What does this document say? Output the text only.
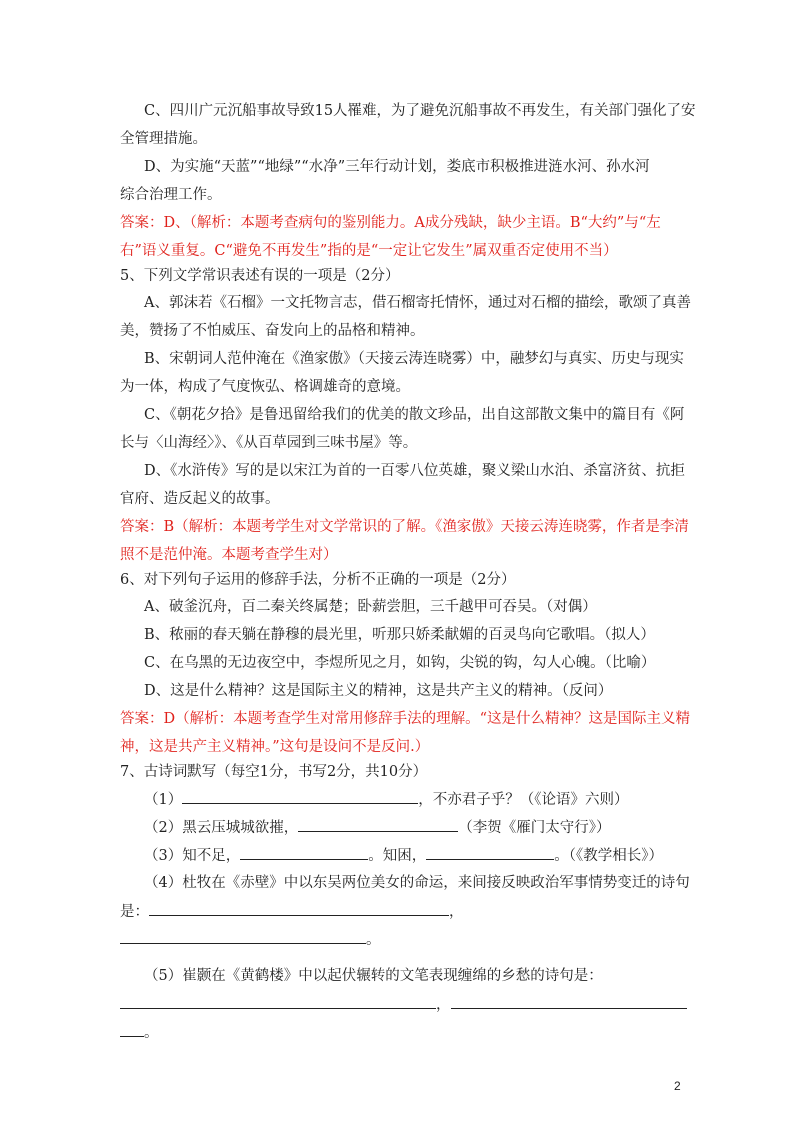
C、四川广元沉船事故导致15人罹难，为了避免沉船事故不再发生，有关部门强化了安
全管理措施。
D、为实施“天蓝”“地绿”“水净”三年行动计划，娄底市积极推进涟水河、孙水河
综合治理工作。
答案：D、（解析：本题考查病句的鉴别能力。A成分残缺，缺少主语。B“大约”与“左
右”语义重复。C“避免不再发生”指的是“一定让它发生”属双重否定使用不当）
5、下列文学常识表述有误的一项是（2分）
A、郭沫若《石榴》一文托物言志，借石榴寄托情怀，通过对石榴的描绘，歌颂了真善
美，赞扬了不怕威压、奋发向上的品格和精神。
B、宋朝词人范仲淹在《渔家傲》（天接云涛连晓雾）中，融梦幻与真实、历史与现实
为一体，构成了气度恢弘、格调雄奇的意境。
C、《朝花夕拾》是鲁迅留给我们的优美的散文珍品，出自这部散文集中的篇目有《阿
长与〈山海经〉》、《从百草园到三味书屋》等。
D、《水浒传》写的是以宋江为首的一百零八位英雄，聚义梁山水泊、杀富济贫、抗拒
官府、造反起义的故事。
答案：B（解析：本题考学生对文学常识的了解。《渔家傲》天接云涛连晓雾，作者是李清
照不是范仲淹。本题考查学生对）
6、对下列句子运用的修辞手法，分析不正确的一项是（2分）
A、破釜沉舟，百二秦关终属楚；卧薪尝胆，三千越甲可吞吴。（对偶）
B、秾丽的春天躺在静穆的晨光里，听那只娇柔献媚的百灵鸟向它歌唱。（拟人）
C、在乌黑的无边夜空中，李煜所见之月，如钩，尖锐的钩，勾人心魄。（比喻）
D、这是什么精神？这是国际主义的精神，这是共产主义的精神。（反问）
答案：D（解析：本题考查学生对常用修辞手法的理解。“这是什么精神？这是国际主义精
神，这是共产主义精神。”这句是设问不是反问.）
7、古诗词默写（每空1分，书写2分，共10分）
（1）	，不亦君子乎？（《论语》六则）
（2）黑云压城城欲摧，	（李贺《雁门太守行》）
（3）知不足，	。知困，	。（《教学相长》）
（4）杜牧在《赤壁》中以东吴两位美女的命运，来间接反映政治军事情势变迁的诗句
是：	，
。
（5）崔颢在《黄鹤楼》中以起伏辗转的文笔表现缠绵的乡愁的诗句是：
，
。
2
